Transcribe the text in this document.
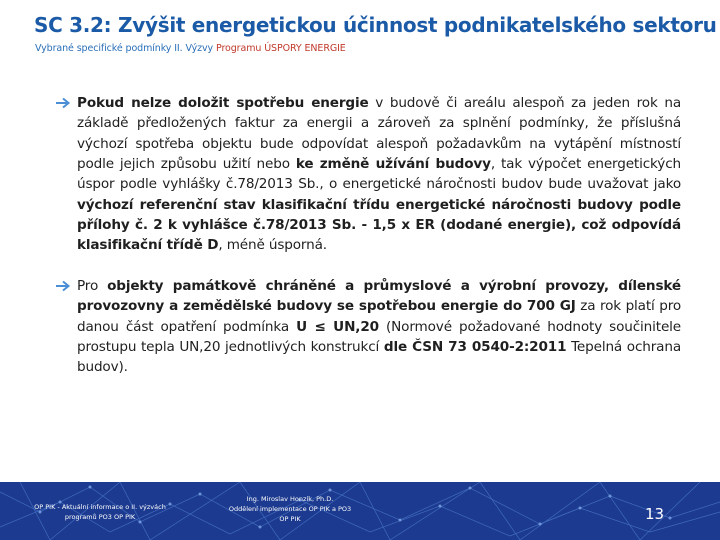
SC 3.2: Zvýšit energetickou účinnost podnikatelského sektoru
Vybrané specifické podmínky II. Výzvy Programu ÚSPORY ENERGIE
Pokud nelze doložit spotřebu energie v budově či areálu alespoň za jeden rok na základě předložených faktur za energii a zároveň za splnění podmínky, že příslušná výchozí spotřeba objektu bude odpovídat alespoň požadavkům na vytápění místností podle jejich způsobu užití nebo ke změně užívání budovy, tak výpočet energetických úspor podle vyhlášky č.78/2013 Sb., o energetické náročnosti budov bude uvažovat jako výchozí referenční stav klasifikační třídu energetické náročnosti budovy podle přílohy č. 2 k vyhlášce č.78/2013 Sb. - 1,5 x ER (dodané energie), což odpovídá klasifikační třídě D, méně úsporná.
Pro objekty památkově chráněné a průmyslové a výrobní provozy, dílenské provozovny a zemědělské budovy se spotřebou energie do 700 GJ za rok platí pro danou část opatření podmínka U ≤ UN,20 (Normové požadované hodnoty součinitele prostupu tepla UN,20 jednotlivých konstrukcí dle ČSN 73 0540-2:2011 Tepelná ochrana budov).
OP PIK - Aktuální informace o II. výzvách
programů PO3 OP PIK
Ing. Miroslav Honzík, Ph.D.
Oddělení implementace OP PIK a PO3
OP PIK	13
